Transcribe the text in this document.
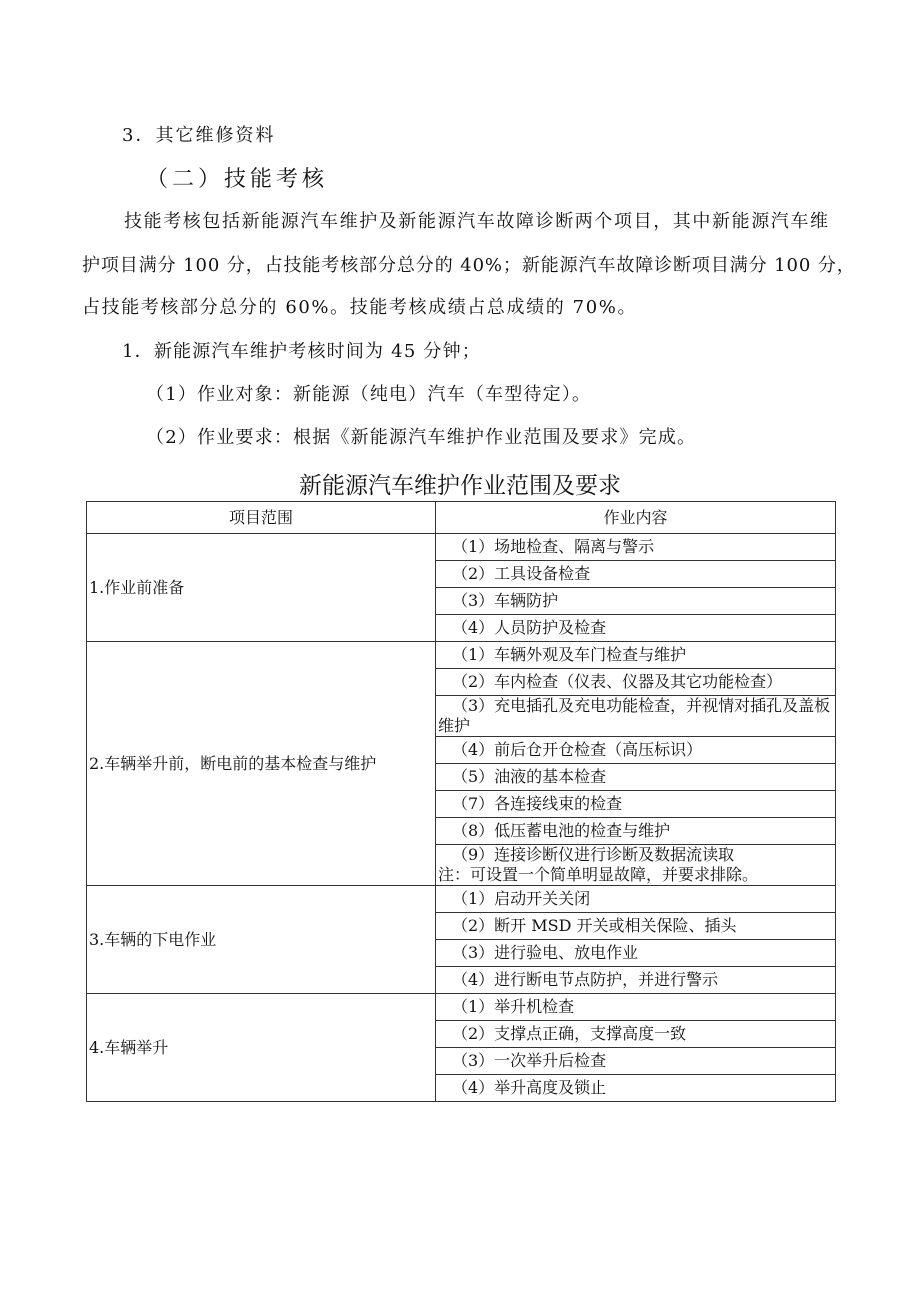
3．其它维修资料
（二）技能考核
技能考核包括新能源汽车维护及新能源汽车故障诊断两个项目，其中新能源汽车维
护项目满分 100 分，占技能考核部分总分的 40%；新能源汽车故障诊断项目满分 100 分，
占技能考核部分总分的 60%。技能考核成绩占总成绩的 70%。
1．新能源汽车维护考核时间为 45 分钟；
（1）作业对象：新能源（纯电）汽车（车型待定）。
（2）作业要求：根据《新能源汽车维护作业范围及要求》完成。
新能源汽车维护作业范围及要求
项目范围	作业内容
1.作业前准备	（1）场地检查、隔离与警示
	（2）工具设备检查
	（3）车辆防护
	（4）人员防护及检查
2.车辆举升前，断电前的基本检查与维护	（1）车辆外观及车门检查与维护
	（2）车内检查（仪表、仪器及其它功能检查）
	（3）充电插孔及充电功能检查，并视情对插孔及盖板维护
	（4）前后仓开仓检查（高压标识）
	（5）油液的基本检查
	（7）各连接线束的检查
	（8）低压蓄电池的检查与维护
	（9）连接诊断仪进行诊断及数据流读取
注：可设置一个简单明显故障，并要求排除。

3.车辆的下电作业	（1）启动开关关闭
	（2）断开 MSD 开关或相关保险、插头
	（3）进行验电、放电作业
	（4）进行断电节点防护，并进行警示
4.车辆举升	（1）举升机检查
	（2）支撑点正确，支撑高度一致
	（3）一次举升后检查
	（4）举升高度及锁止
